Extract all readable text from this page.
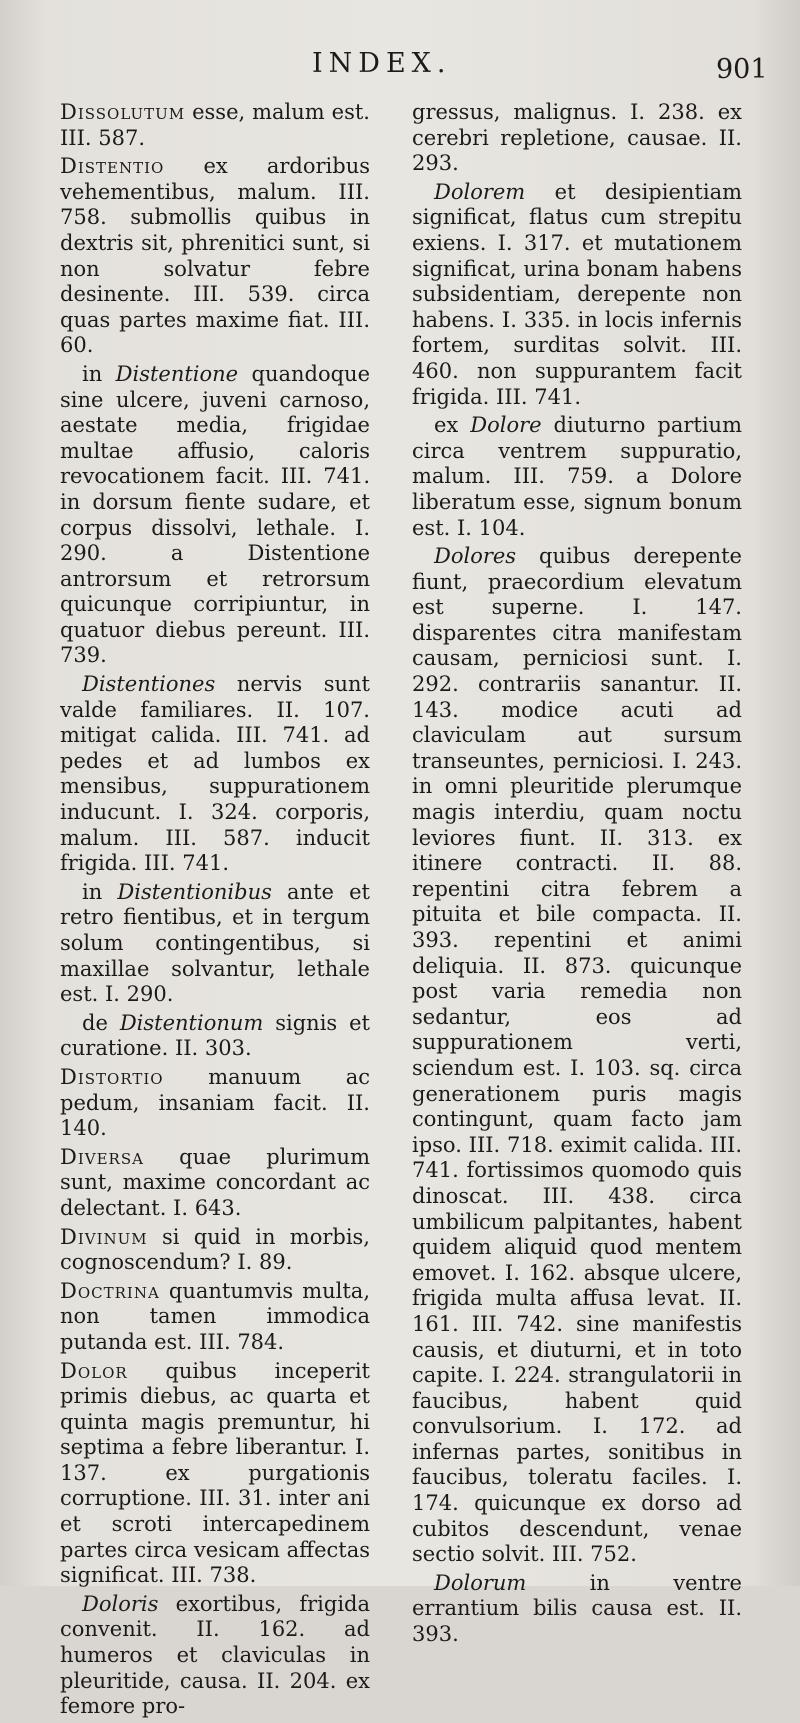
INDEX.	901

Dissolutum esse, malum est. III. 587.

Distentio ex ardoribus vehementibus, malum. III. 758. submollis quibus in dextris sit, phrenitici sunt, si non solvatur febre desinente. III. 539. circa quas partes maxime fiat. III. 60.

in Distentione quandoque sine ulcere, juveni carnoso, aestate media, frigidae multae affusio, caloris revocationem facit. III. 741. in dorsum fiente sudare, et corpus dissolvi, lethale. I. 290. a Distentione antrorsum et retrorsum quicunque corripiuntur, in quatuor diebus pereunt. III. 739.

Distentiones nervis sunt valde familiares. II. 107. mitigat calida. III. 741. ad pedes et ad lumbos ex mensibus, suppurationem inducunt. I. 324. corporis, malum. III. 587. inducit frigida. III. 741.

in Distentionibus ante et retro fientibus, et in tergum solum contingentibus, si maxillae solvantur, lethale est. I. 290.

de Distentionum signis et curatione. II. 303.

Distortio manuum ac pedum, insaniam facit. II. 140.

Diversa quae plurimum sunt, maxime concordant ac delectant. I. 643.

Divinum si quid in morbis, cognoscendum? I. 89.

Doctrina quantumvis multa, non tamen immodica putanda est. III. 784.

Dolor quibus inceperit primis diebus, ac quarta et quinta magis premuntur, hi septima a febre liberantur. I. 137. ex purgationis corruptione. III. 31. inter ani et scroti intercapedinem partes circa vesicam affectas significat. III. 738.

Doloris exortibus, frigida convenit. II. 162. ad humeros et claviculas in pleuritide, causa. II. 204. ex femore pro-

gressus, malignus. I. 238. ex cerebri repletione, causae. II. 293.

Dolorem et desipientiam significat, flatus cum strepitu exiens. I. 317. et mutationem significat, urina bonam habens subsidentiam, derepente non habens. I. 335. in locis infernis fortem, surditas solvit. III. 460. non suppurantem facit frigida. III. 741.

ex Dolore diuturno partium circa ventrem suppuratio, malum. III. 759. a Dolore liberatum esse, signum bonum est. I. 104.

Dolores quibus derepente fiunt, praecordium elevatum est superne. I. 147. disparentes citra manifestam causam, perniciosi sunt. I. 292. contrariis sanantur. II. 143. modice acuti ad claviculam aut sursum transeuntes, perniciosi. I. 243. in omni pleuritide plerumque magis interdiu, quam noctu leviores fiunt. II. 313. ex itinere contracti. II. 88. repentini citra febrem a pituita et bile compacta. II. 393. repentini et animi deliquia. II. 873. quicunque post varia remedia non sedantur, eos ad suppurationem verti, sciendum est. I. 103. sq. circa generationem puris magis contingunt, quam facto jam ipso. III. 718. eximit calida. III. 741. fortissimos quomodo quis dinoscat. III. 438. circa umbilicum palpitantes, habent quidem aliquid quod mentem emovet. I. 162. absque ulcere, frigida multa affusa levat. II. 161. III. 742. sine manifestis causis, et diuturni, et in toto capite. I. 224. strangulatorii in faucibus, habent quid convulsorium. I. 172. ad infernas partes, sonitibus in faucibus, toleratu faciles. I. 174. quicunque ex dorso ad cubitos descendunt, venae sectio solvit. III. 752.

Dolorum in ventre errantium bilis causa est. II. 393.
